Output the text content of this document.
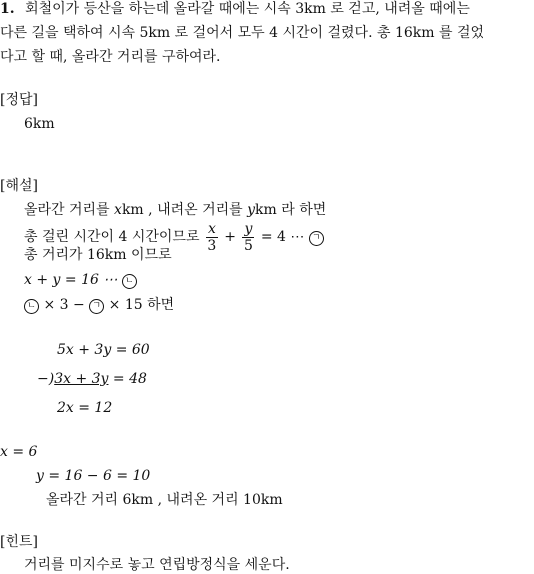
1. 회철이가 등산을 하는데 올라갈 때에는 시속 3km 로 걷고, 내려올 때에는
다른 길을 택하여 시속 5km 로 걸어서 모두 4 시간이 걸렸다. 총 16km 를 걸었
다고 할 때, 올라간 거리를 구하여라.
[정답]
6km
[해설]
올라간 거리를 xkm , 내려온 거리를 ykm 라 하면
총 걸린 시간이 4 시간이므로 $\frac{x}{3} + \frac{y}{5} = 4$ ⋯ ㄱ
총 거리가 16km 이므로
x + y = 16 ⋯ ㄴ
ㄴ × 3 − ㄱ × 15 하면
5x + 3y = 60
−)3x + 3y = 48
2x = 12
x = 6
y = 16 − 6 = 10
올라간 거리 6km , 내려온 거리 10km
[힌트]
거리를 미지수로 놓고 연립방정식을 세운다.
